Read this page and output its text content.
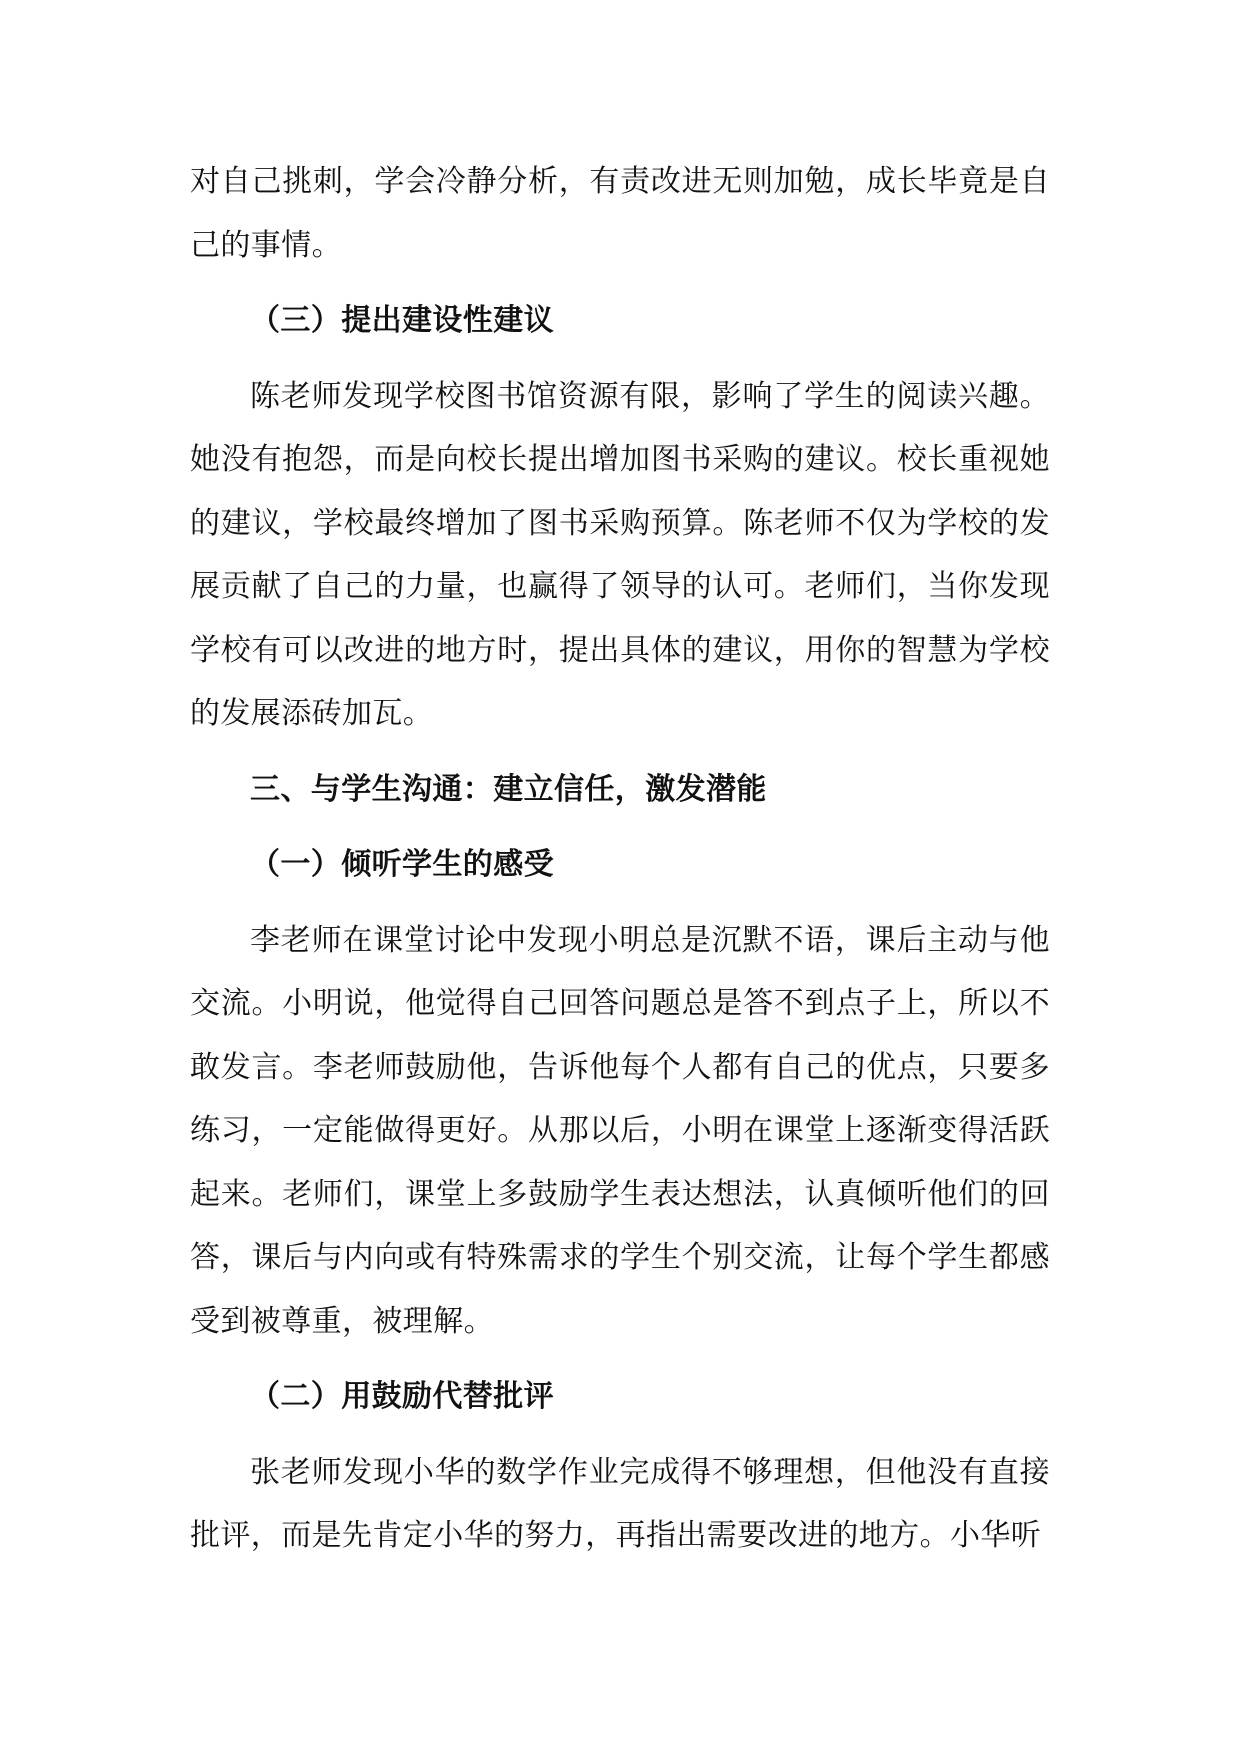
对自己挑刺，学会冷静分析，有责改进无则加勉，成长毕竟是自己的事情。

（三）提出建设性建议

陈老师发现学校图书馆资源有限，影响了学生的阅读兴趣。她没有抱怨，而是向校长提出增加图书采购的建议。校长重视她的建议，学校最终增加了图书采购预算。陈老师不仅为学校的发展贡献了自己的力量，也赢得了领导的认可。老师们，当你发现学校有可以改进的地方时，提出具体的建议，用你的智慧为学校的发展添砖加瓦。

三、与学生沟通：建立信任，激发潜能

（一）倾听学生的感受

李老师在课堂讨论中发现小明总是沉默不语，课后主动与他交流。小明说，他觉得自己回答问题总是答不到点子上，所以不敢发言。李老师鼓励他，告诉他每个人都有自己的优点，只要多练习，一定能做得更好。从那以后，小明在课堂上逐渐变得活跃起来。老师们，课堂上多鼓励学生表达想法，认真倾听他们的回答，课后与内向或有特殊需求的学生个别交流，让每个学生都感受到被尊重，被理解。

（二）用鼓励代替批评

张老师发现小华的数学作业完成得不够理想，但他没有直接批评，而是先肯定小华的努力，再指出需要改进的地方。小华听
